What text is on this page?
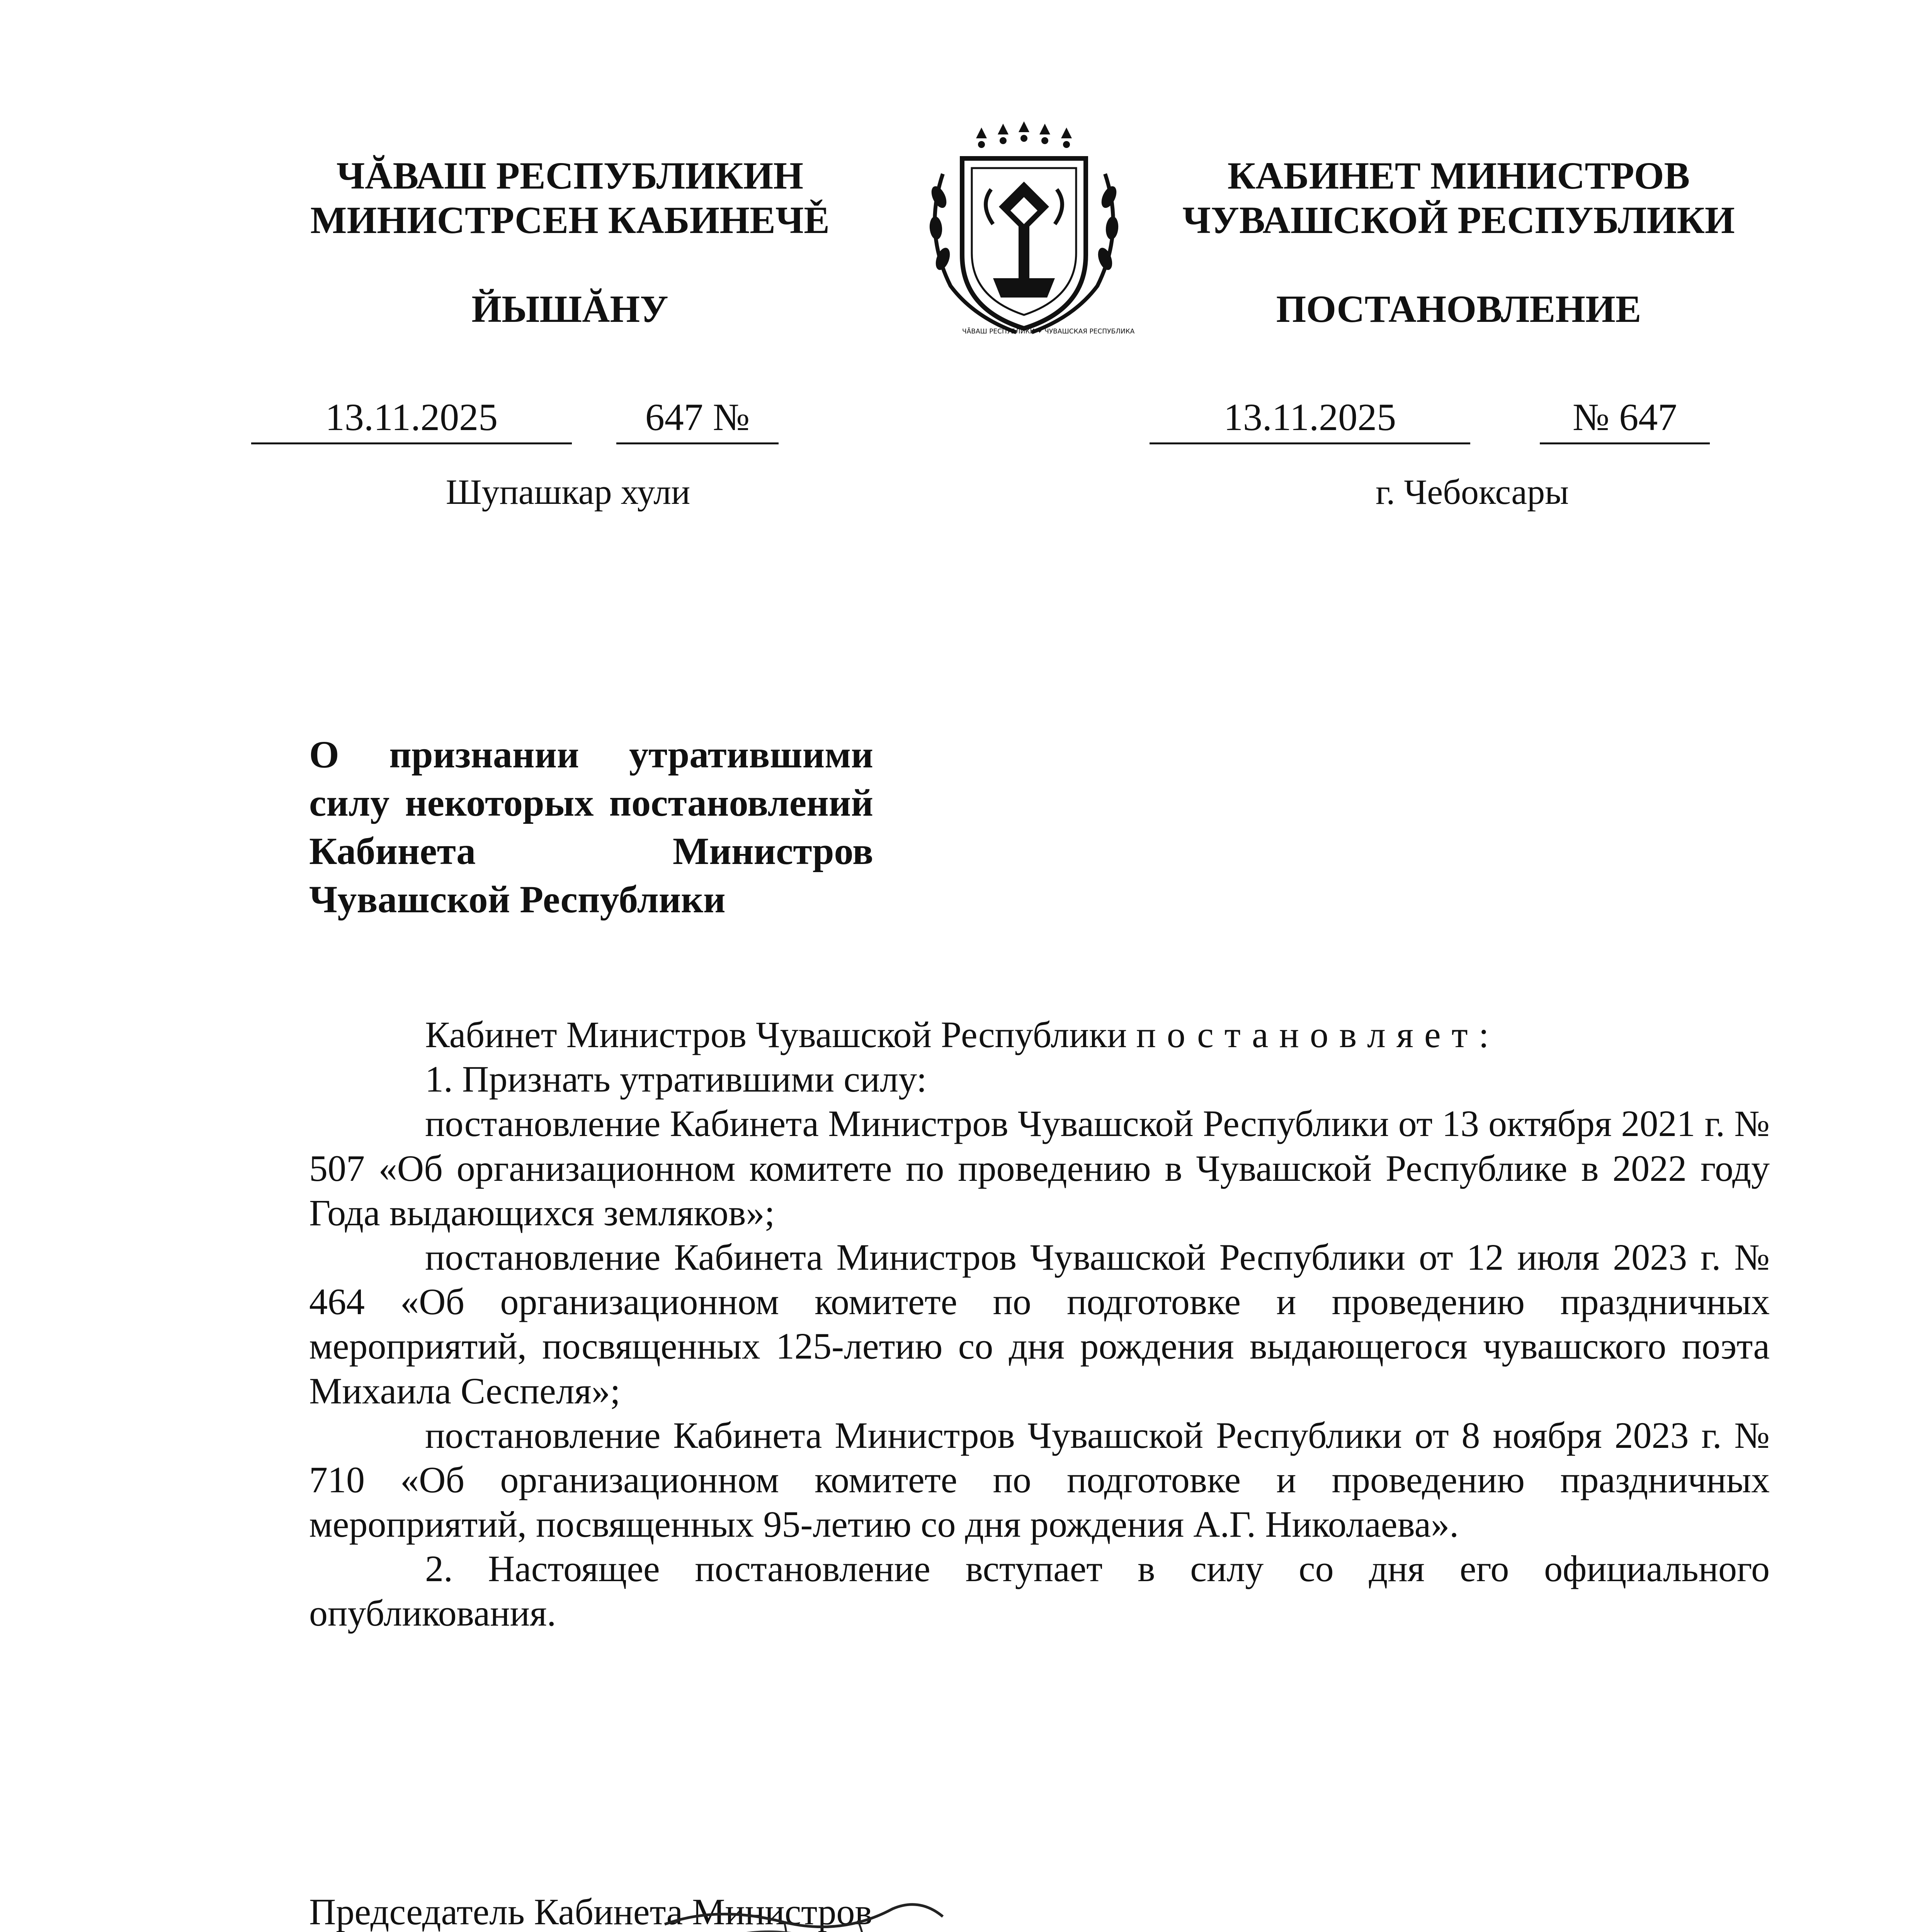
ЧĂВАШ РЕСПУБЛИКИН
МИНИСТРСЕН КАБИНЕЧĚ
ЙЫШĂНУ
КАБИНЕТ МИНИСТРОВ
ЧУВАШСКОЙ РЕСПУБЛИКИ
ПОСТАНОВЛЕНИЕ
ЧĂВАШ РЕСПУБЛИКИ ✦ ЧУВАШСКАЯ РЕСПУБЛИКА
13.11.2025	647 №	13.11.2025	№ 647
Шупашкар хули	г. Чебоксары
О признании утратившими силу некоторых постановлений Кабинета Министров Чувашской Республики

Кабинет Министров Чувашской Республики постановляет:

1. Признать утратившими силу:

постановление Кабинета Министров Чувашской Республики от 13 октября 2021 г. № 507 «Об организационном комитете по проведению в Чувашской Республике в 2022 году Года выдающихся земляков»;

постановление Кабинета Министров Чувашской Республики от 12 июля 2023 г. № 464 «Об организационном комитете по подготовке и проведению праздничных мероприятий, посвященных 125-летию со дня рождения выдающегося чувашского поэта Михаила Сеспеля»;

постановление Кабинета Министров Чувашской Республики от 8 ноября 2023 г. № 710 «Об организационном комитете по подготовке и проведению праздничных мероприятий, посвященных 95-летию со дня рождения А.Г. Николаева».

2. Настоящее постановление вступает в силу со дня его официального опубликования.

Председатель Кабинета Министров
